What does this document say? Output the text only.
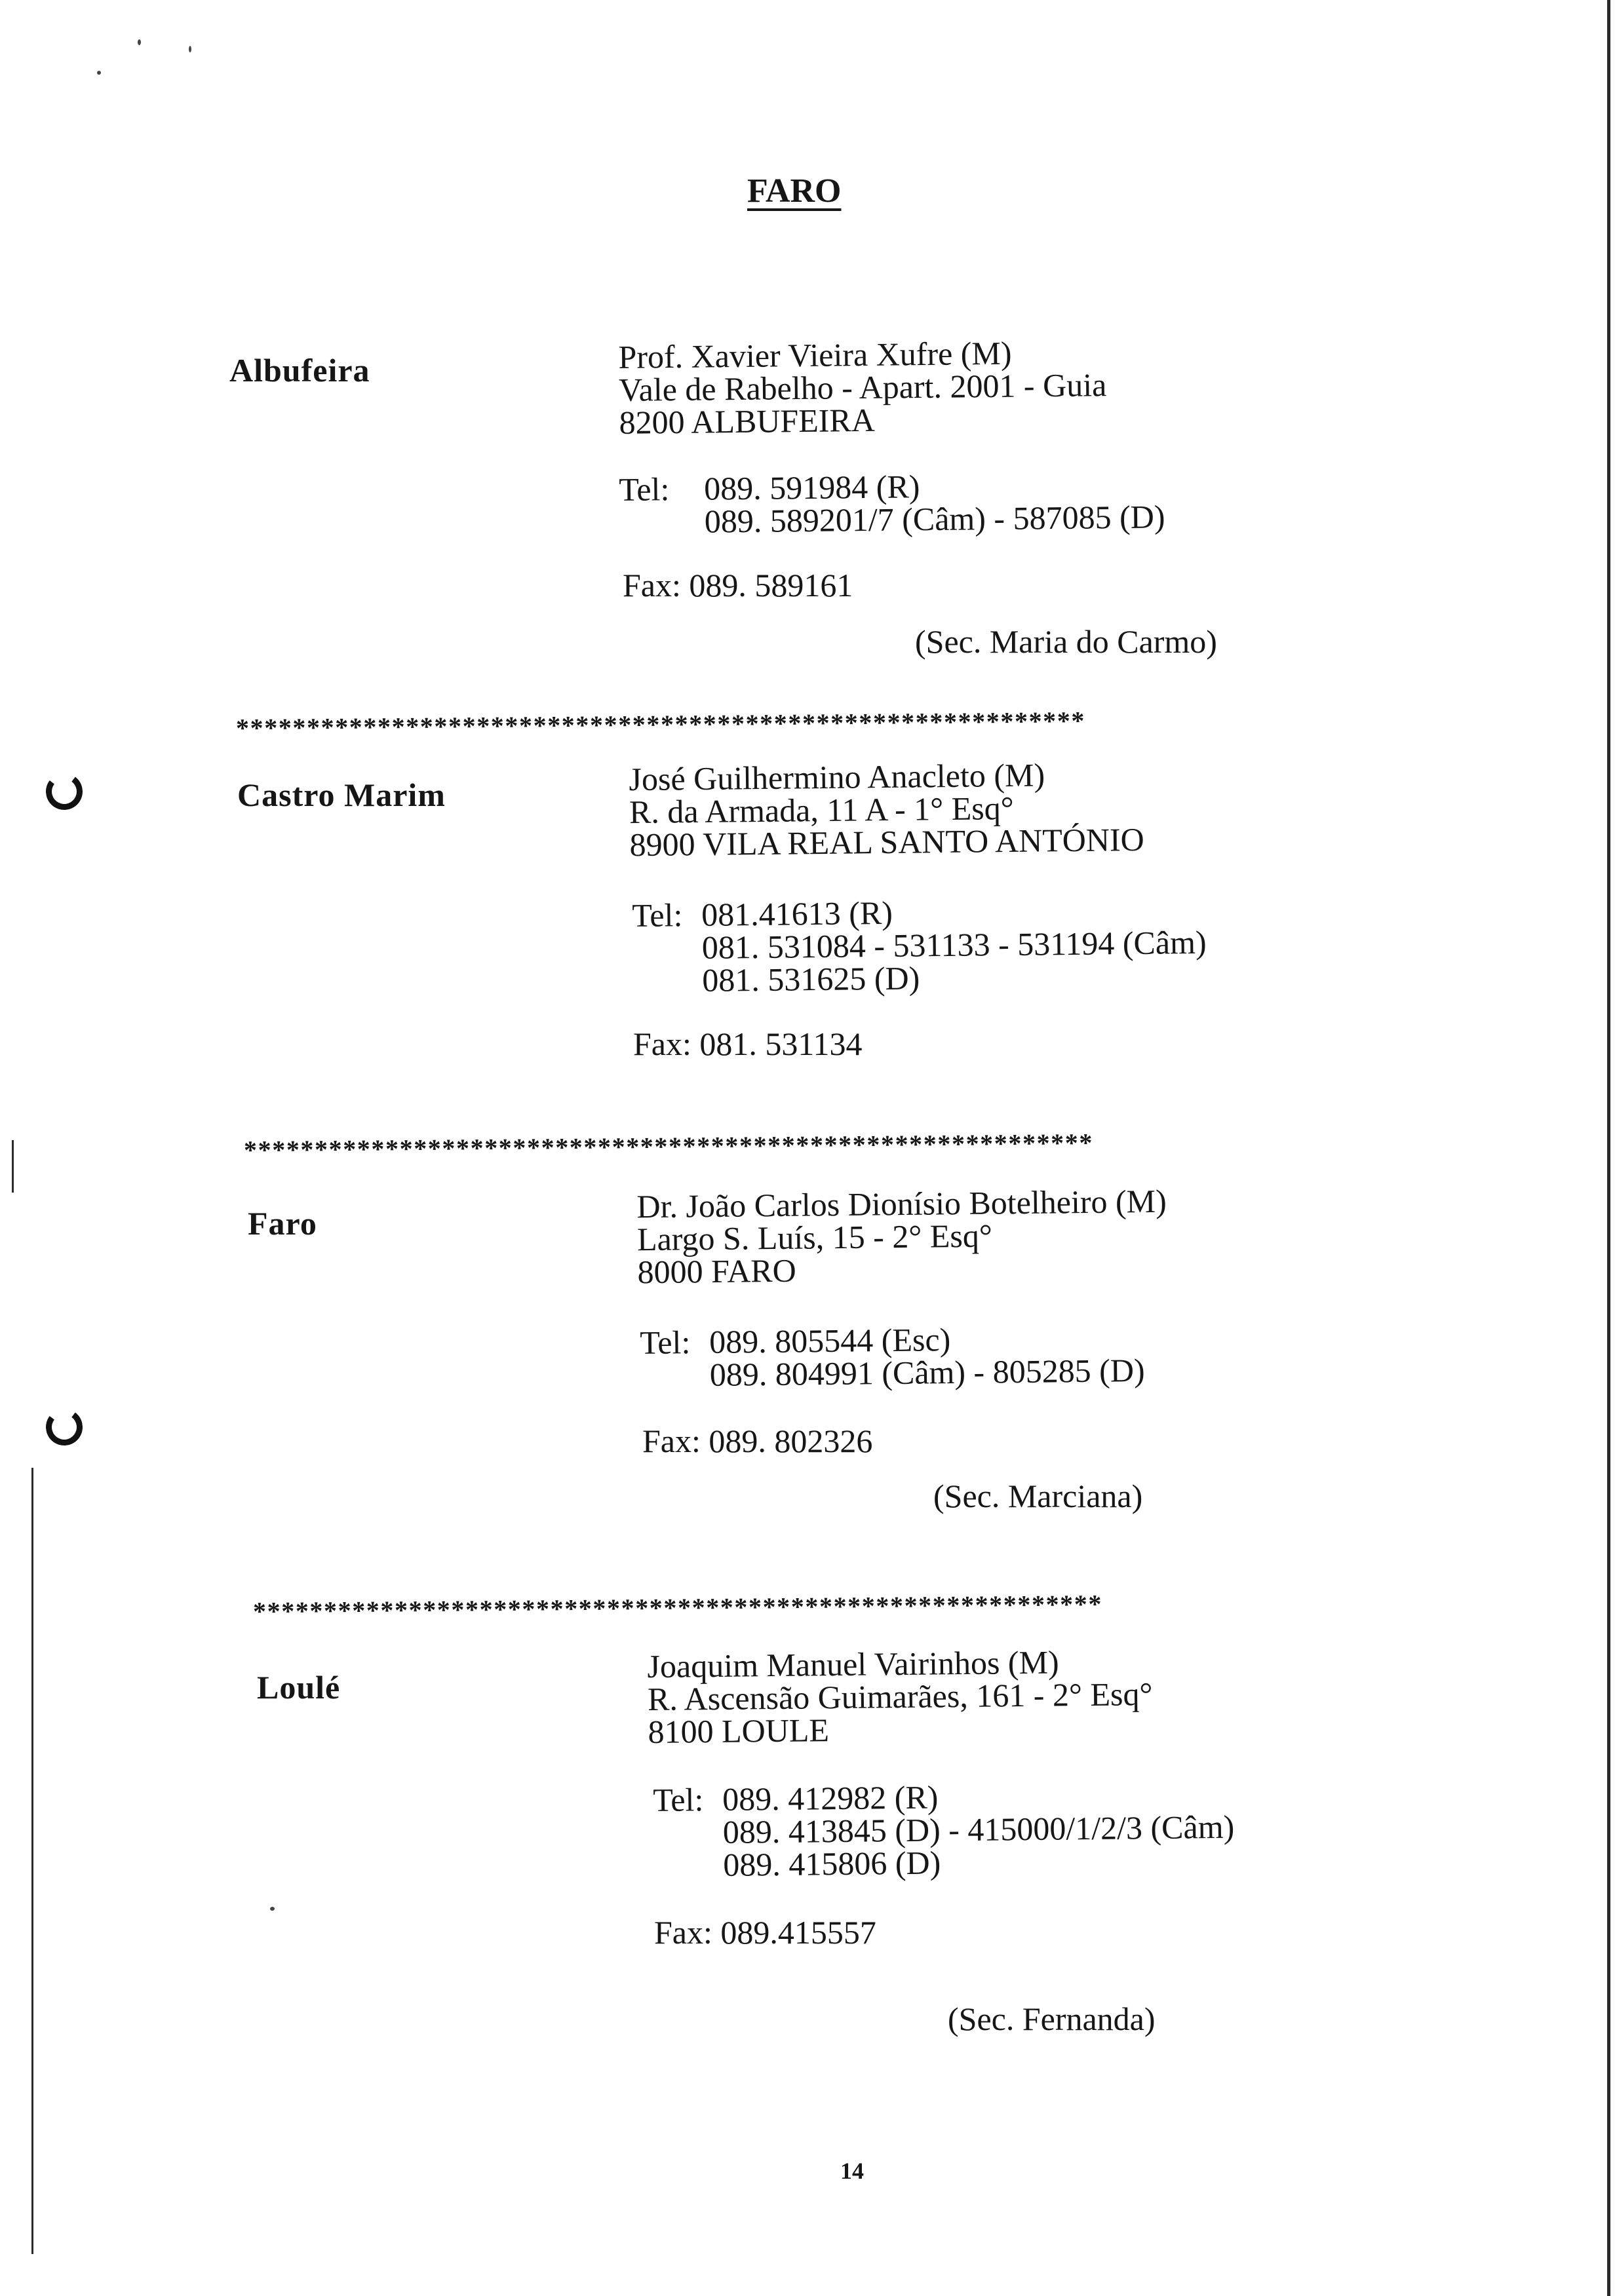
FARO
Albufeira	Prof. Xavier Vieira Xufre (M)
Vale de Rabelho - Apart. 2001 - Guia
8200 ALBUFEIRA
Tel: 089. 591984 (R)
089. 589201/7 (Câm) - 587085 (D)
Fax: 089. 589161
(Sec. Maria do Carmo)
************************************************************
Castro Marim	José Guilhermino Anacleto (M)
R. da Armada, 11 A - 1° Esq°
8900 VILA REAL SANTO ANTÓNIO
Tel: 081.41613 (R)
081. 531084 - 531133 - 531194 (Câm)
081. 531625 (D)
Fax: 081. 531134
************************************************************
Faro	Dr. João Carlos Dionísio Botelheiro (M)
Largo S. Luís, 15 - 2° Esq°
8000 FARO
Tel: 089. 805544 (Esc)
089. 804991 (Câm) - 805285 (D)
Fax: 089. 802326
(Sec. Marciana)
************************************************************
Loulé
Joaquim Manuel Vairinhos (M)
R. Ascensão Guimarães, 161 - 2° Esq°
8100 LOULE
Tel: 089. 412982 (R)
089. 413845 (D) - 415000/1/2/3 (Câm)
089. 415806 (D)
Fax: 089.415557
(Sec. Fernanda)
14
